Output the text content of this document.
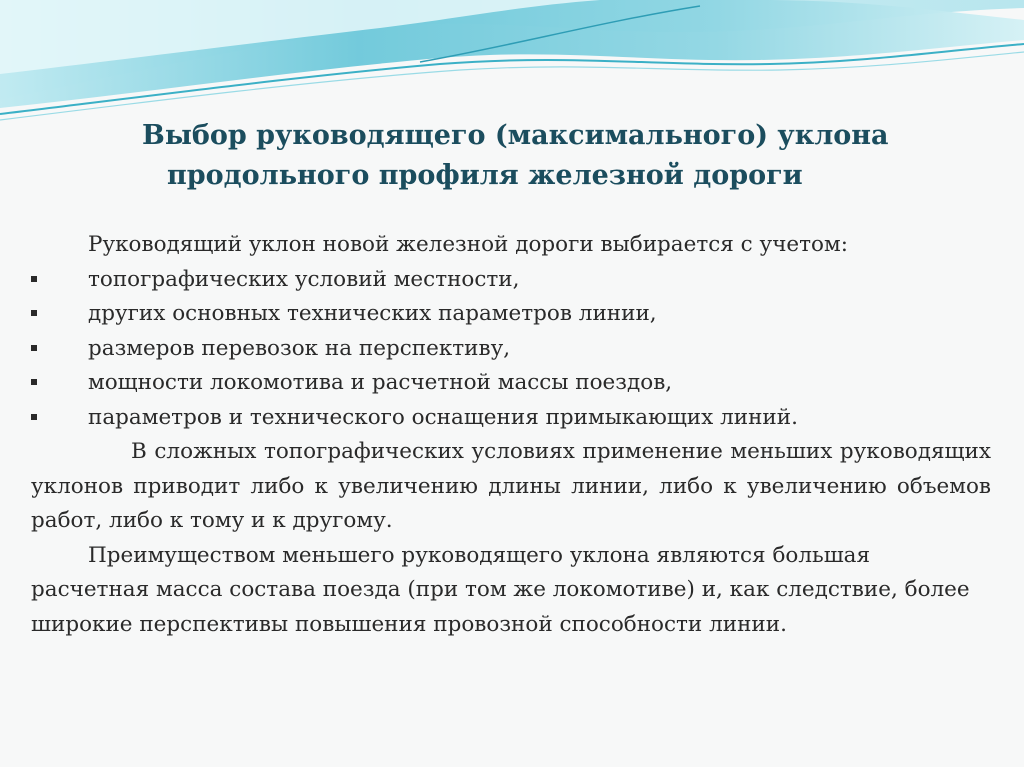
Выбор руководящего (максимального) уклона
продольного профиля железной дороги

Руководящий уклон новой железной дороги выбирается с учетом:

топографических условий местности,
других основных технических параметров линии,
размеров перевозок на перспективу,
мощности локомотива и расчетной массы поездов,
параметров и технического оснащения примыкающих линий.

В сложных топографических условиях применение меньших руководящих уклонов приводит либо к увеличению длины линии, либо к увеличению объемов работ, либо к тому и к другому.

Преимуществом меньшего руководящего уклона являются большая расчетная масса состава поезда (при том же локомотиве) и, как следствие, более широкие перспективы повышения провозной способности линии.
